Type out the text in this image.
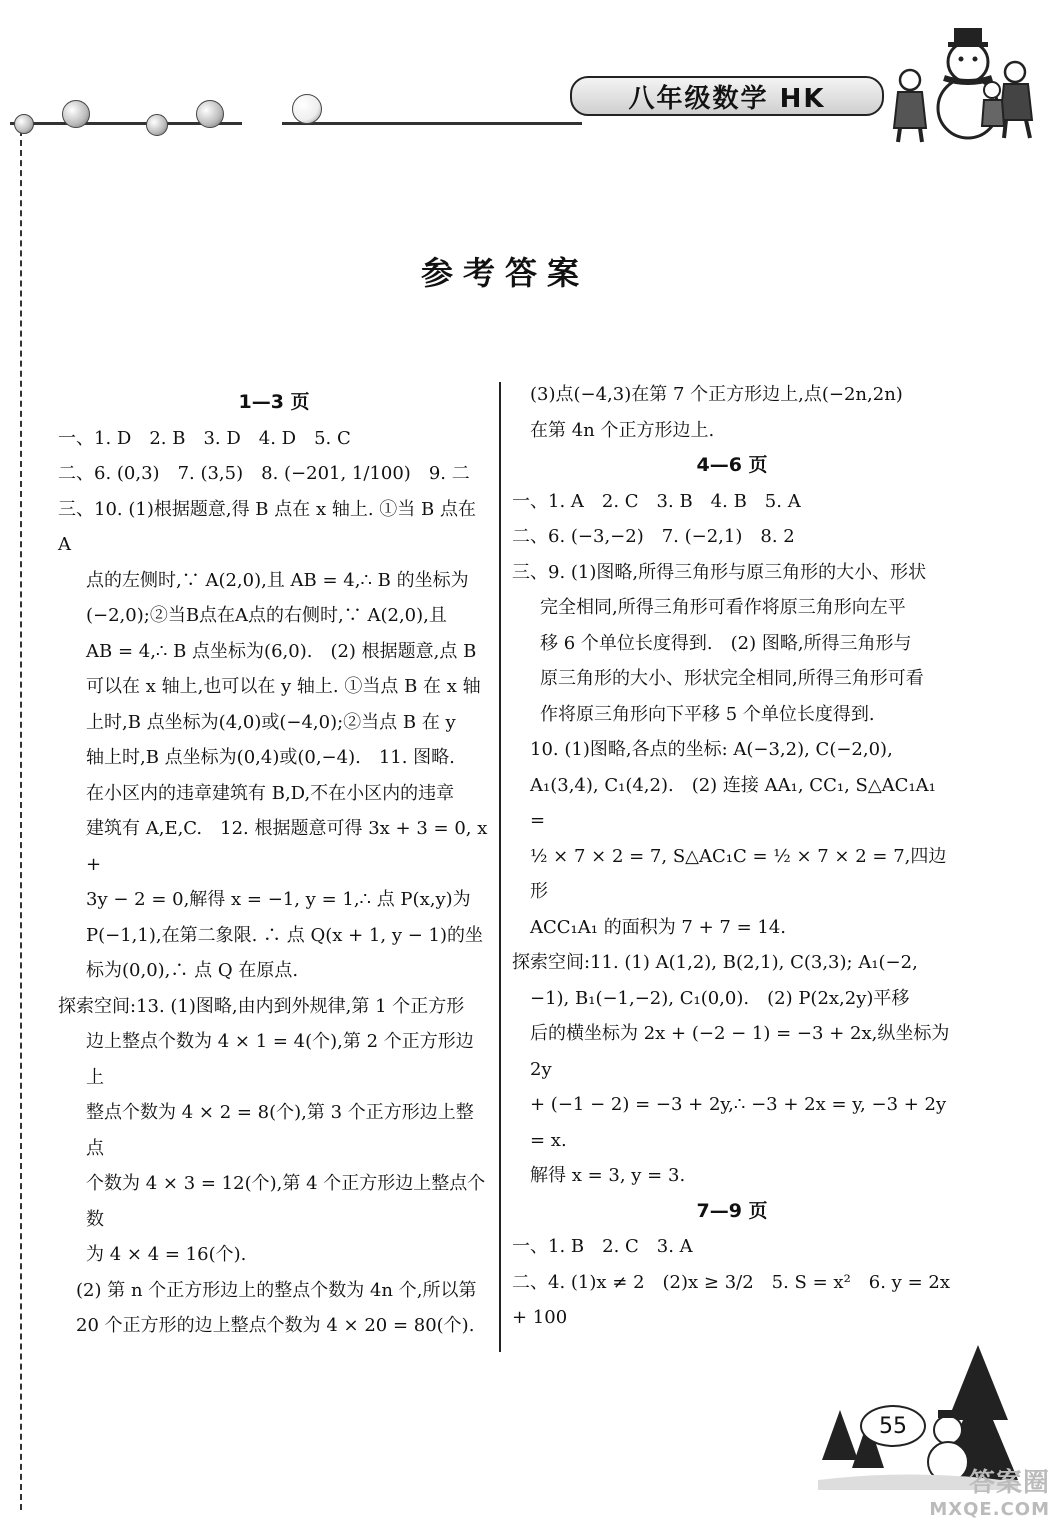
八年级数学 HK
参考答案

1—3 页

一、1. D　2. B　3. D　4. D　5. C

二、6. (0,3)　7. (3,5)　8. (−201, 1/100)　9. 二

三、10. (1)根据题意,得 B 点在 x 轴上. ①当 B 点在 A

点的左侧时,∵ A(2,0),且 AB = 4,∴ B 的坐标为

(−2,0);②当B点在A点的右侧时,∵ A(2,0),且

AB = 4,∴ B 点坐标为(6,0).　(2) 根据题意,点 B

可以在 x 轴上,也可以在 y 轴上. ①当点 B 在 x 轴

上时,B 点坐标为(4,0)或(−4,0);②当点 B 在 y

轴上时,B 点坐标为(0,4)或(0,−4).　11. 图略.

在小区内的违章建筑有 B,D,不在小区内的违章

建筑有 A,E,C.　12. 根据题意可得 3x + 3 = 0, x +

3y − 2 = 0,解得 x = −1, y = 1,∴ 点 P(x,y)为

P(−1,1),在第二象限. ∴ 点 Q(x + 1, y − 1)的坐

标为(0,0),∴ 点 Q 在原点.

探索空间:13. (1)图略,由内到外规律,第 1 个正方形

边上整点个数为 4 × 1 = 4(个),第 2 个正方形边上

整点个数为 4 × 2 = 8(个),第 3 个正方形边上整点

个数为 4 × 3 = 12(个),第 4 个正方形边上整点个数

为 4 × 4 = 16(个).

(2) 第 n 个正方形边上的整点个数为 4n 个,所以第

20 个正方形的边上整点个数为 4 × 20 = 80(个).

(3)点(−4,3)在第 7 个正方形边上,点(−2n,2n)

在第 4n 个正方形边上.

4—6 页

一、1. A　2. C　3. B　4. B　5. A

二、6. (−3,−2)　7. (−2,1)　8. 2

三、9. (1)图略,所得三角形与原三角形的大小、形状

完全相同,所得三角形可看作将原三角形向左平

移 6 个单位长度得到.　(2) 图略,所得三角形与

原三角形的大小、形状完全相同,所得三角形可看

作将原三角形向下平移 5 个单位长度得到.

10. (1)图略,各点的坐标: A(−3,2), C(−2,0),

A₁(3,4), C₁(4,2).　(2) 连接 AA₁, CC₁, S△AC₁A₁ =

½ × 7 × 2 = 7, S△AC₁C = ½ × 7 × 2 = 7,四边形

ACC₁A₁ 的面积为 7 + 7 = 14.

探索空间:11. (1) A(1,2), B(2,1), C(3,3); A₁(−2,

−1), B₁(−1,−2), C₁(0,0).　(2) P(2x,2y)平移

后的横坐标为 2x + (−2 − 1) = −3 + 2x,纵坐标为 2y

+ (−1 − 2) = −3 + 2y,∴ −3 + 2x = y, −3 + 2y = x.

解得 x = 3, y = 3.

7—9 页

一、1. B　2. C　3. A

二、4. (1)x ≠ 2　(2)x ≥ 3/2　5. S = x²　6. y = 2x + 100

55
答案圈
MXQE.COM
